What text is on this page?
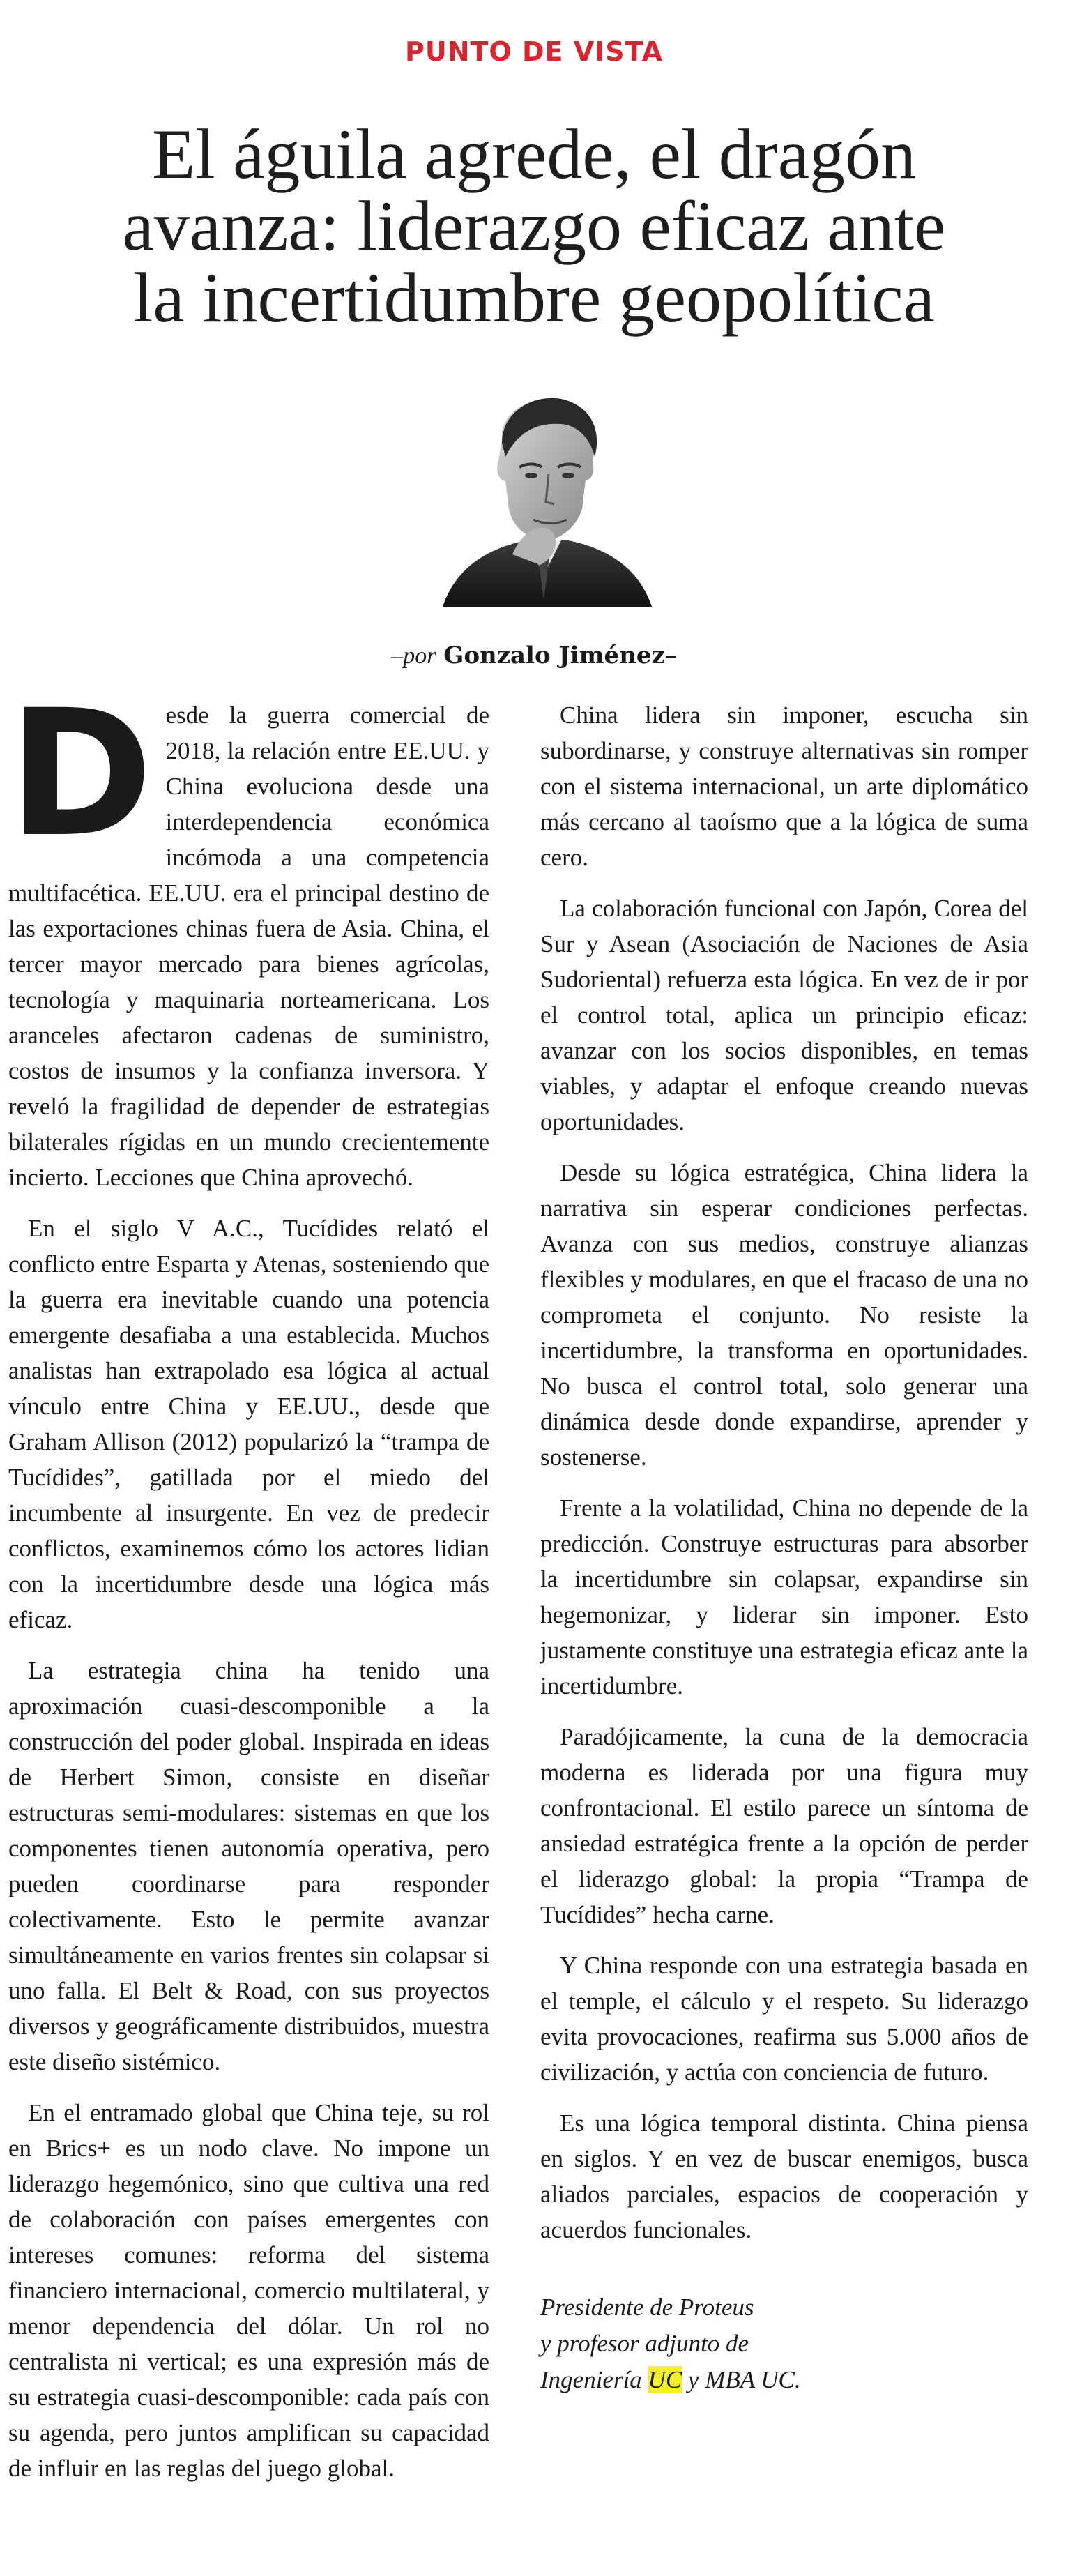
PUNTO DE VISTA
El águila agrede, el dragón
avanza: liderazgo eficaz ante
la incertidumbre geopolítica
–por Gonzalo Jiménez–

Desde la guerra comercial de 2018, la relación entre EE.UU. y China evoluciona desde una interdependencia económica incómoda a una competencia multifacética. EE.UU. era el principal destino de las exportaciones chinas fuera de Asia. China, el tercer mayor mercado para bienes agrícolas, tecnología y maquinaria norteamericana. Los aranceles afectaron cadenas de suministro, costos de insumos y la confianza inversora. Y reveló la fragilidad de depender de estrategias bilaterales rígidas en un mundo crecientemente incierto. Lecciones que China aprovechó.

En el siglo V A.C., Tucídides relató el conflicto entre Esparta y Atenas, sosteniendo que la guerra era inevitable cuando una potencia emergente desafiaba a una establecida. Muchos analistas han extrapolado esa lógica al actual vínculo entre China y EE.UU., desde que Graham Allison (2012) popularizó la “trampa de Tucídides”, gatillada por el miedo del incumbente al insurgente. En vez de predecir conflictos, examinemos cómo los actores lidian con la incertidumbre desde una lógica más eficaz.

La estrategia china ha tenido una aproximación cuasi-descomponible a la construcción del poder global. Inspirada en ideas de Herbert Simon, consiste en diseñar estructuras semi-modulares: sistemas en que los componentes tienen autonomía operativa, pero pueden coordinarse para responder colectivamente. Esto le permite avanzar simultáneamente en varios frentes sin colapsar si uno falla. El Belt & Road, con sus proyectos diversos y geográficamente distribuidos, muestra este diseño sistémico.

En el entramado global que China teje, su rol en Brics+ es un nodo clave. No impone un liderazgo hegemónico, sino que cultiva una red de colaboración con países emergentes con intereses comunes: reforma del sistema financiero internacional, comercio multilateral, y menor dependencia del dólar. Un rol no centralista ni vertical; es una expresión más de su estrategia cuasi-descomponible: cada país con su agenda, pero juntos amplifican su capacidad de influir en las reglas del juego global.

China lidera sin imponer, escucha sin subordinarse, y construye alternativas sin romper con el sistema internacional, un arte diplomático más cercano al taoísmo que a la lógica de suma cero.

La colaboración funcional con Japón, Corea del Sur y Asean (Asociación de Naciones de Asia Sudoriental) refuerza esta lógica. En vez de ir por el control total, aplica un principio eficaz: avanzar con los socios disponibles, en temas viables, y adaptar el enfoque creando nuevas oportunidades.

Desde su lógica estratégica, China lidera la narrativa sin esperar condiciones perfectas. Avanza con sus medios, construye alianzas flexibles y modulares, en que el fracaso de una no comprometa el conjunto. No resiste la incertidumbre, la transforma en oportunidades. No busca el control total, solo generar una dinámica desde donde expandirse, aprender y sostenerse.

Frente a la volatilidad, China no depende de la predicción. Construye estructuras para absorber la incertidumbre sin colapsar, expandirse sin hegemonizar, y liderar sin imponer. Esto justamente constituye una estrategia eficaz ante la incertidumbre.

Paradójicamente, la cuna de la democracia moderna es liderada por una figura muy confrontacional. El estilo parece un síntoma de ansiedad estratégica frente a la opción de perder el liderazgo global: la propia “Trampa de Tucídides” hecha carne.

Y China responde con una estrategia basada en el temple, el cálculo y el respeto. Su liderazgo evita provocaciones, reafirma sus 5.000 años de civilización, y actúa con conciencia de futuro.

Es una lógica temporal distinta. China piensa en siglos. Y en vez de buscar enemigos, busca aliados parciales, espacios de cooperación y acuerdos funcionales.

Presidente de Proteus
y profesor adjunto de
Ingeniería UC y MBA UC.
